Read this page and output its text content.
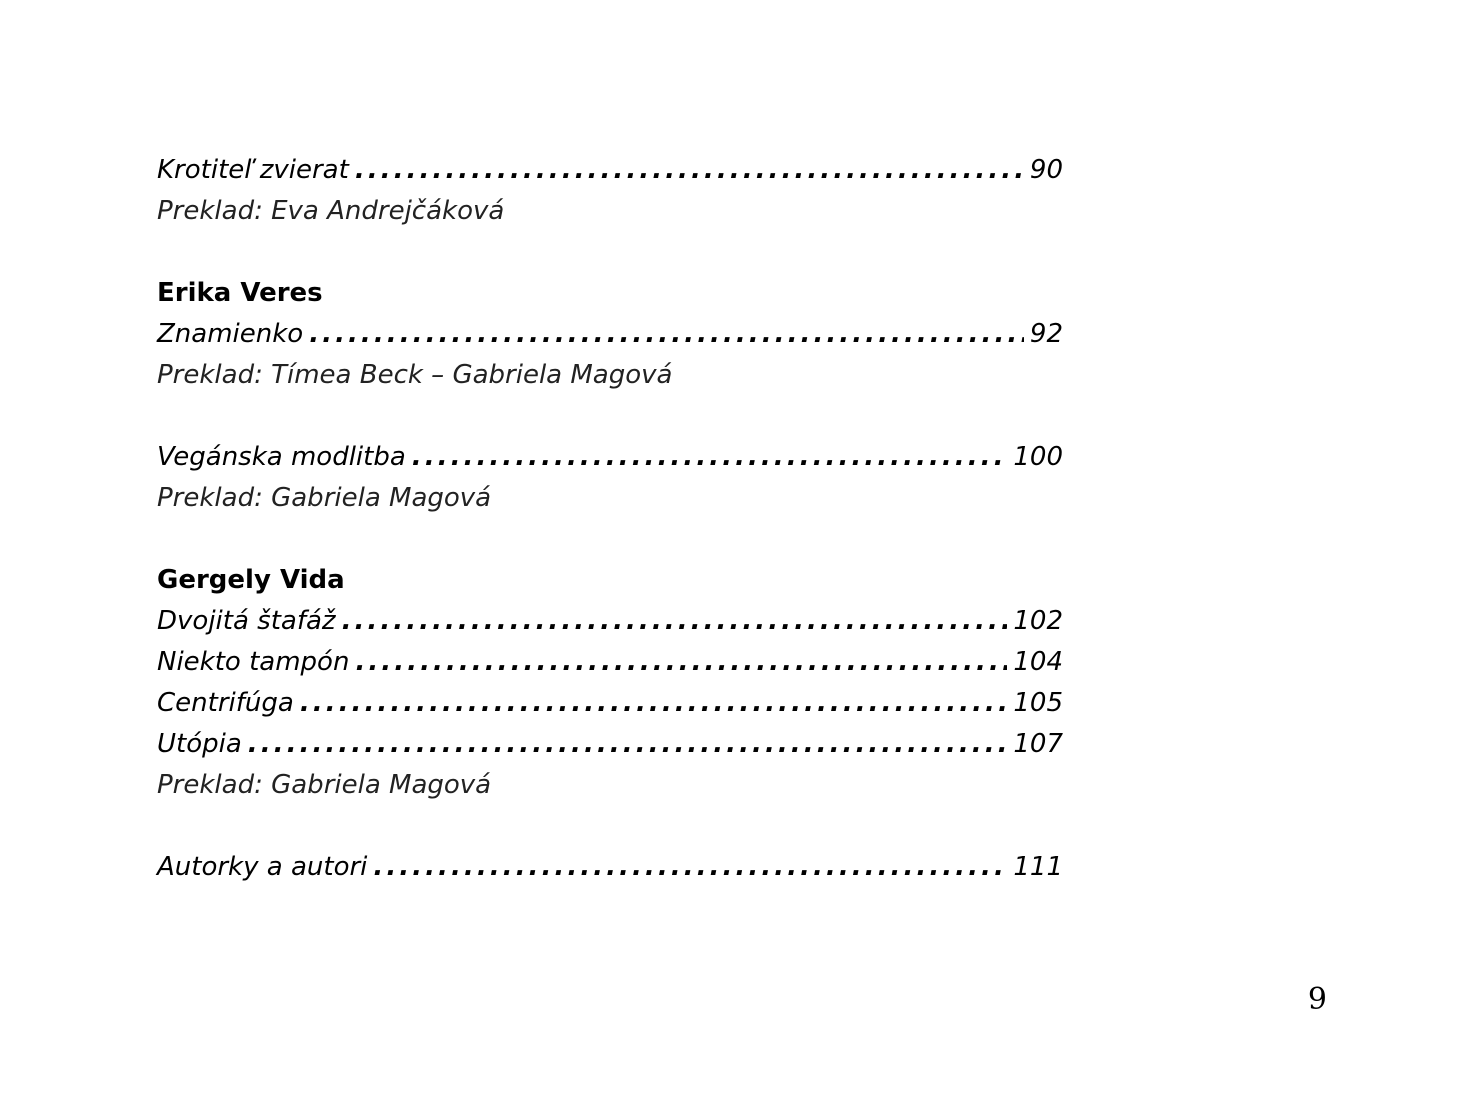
Krotiteľ zvierat . . .	90
Preklad: Eva Andrejčáková
Erika Veres
Znamienko . . .	92
Preklad: Tímea Beck – Gabriela Magová
Vegánska modlitba . . .	100
Preklad: Gabriela Magová
Gergely Vida
Dvojitá štafáž . . .	102
Niekto tampón . . .	104
Centrifúga . . .	105
Utópia . . .	107
Preklad: Gabriela Magová
Autorky a autori . . .	111
9
